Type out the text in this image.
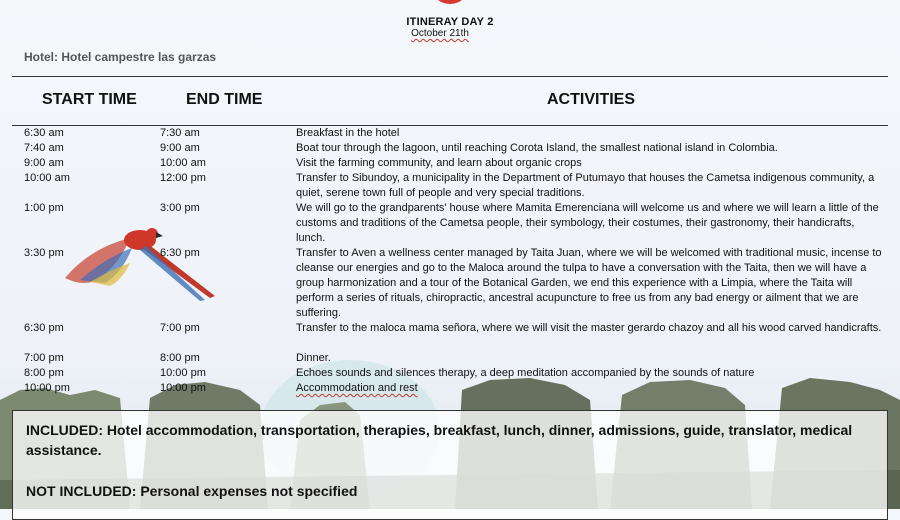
ITINERAY DAY 2
October 21th
Hotel: Hotel campestre las garzas
START TIME	END TIME	ACTIVITIES
6:30 am	7:30 am	Breakfast in the hotel
7:40 am	9:00 am	Boat tour through the lagoon, until reaching Corota Island, the smallest national island in Colombia.
9:00 am	10:00 am	Visit the farming community, and learn about organic crops
10:00 am	12:00 pm	Transfer to Sibundoy, a municipality in the Department of Putumayo that houses the Cametsa indigenous community, a quiet, serene town full of people and very special traditions.
1:00 pm	3:00 pm	We will go to the grandparents' house where Mamita Emerenciana will welcome us and where we will learn a little of the customs and traditions of the Cametsa people, their symbology, their costumes, their gastronomy, their handicrafts, lunch.
3:30 pm	6:30 pm	Transfer to Aven a wellness center managed by Taita Juan, where we will be welcomed with traditional music, incense to cleanse our energies and go to the Maloca around the tulpa to have a conversation with the Taita, then we will have a group harmonization and a tour of the Botanical Garden, we end this experience with a Limpia, where the Taita will perform a series of rituals, chiropractic, ancestral acupuncture to free us from any bad energy or ailment that we are suffering.
6:30 pm	7:00 pm	Transfer to the maloca mama señora, where we will visit the master gerardo chazoy and all his wood carved handicrafts.
7:00 pm	8:00 pm	Dinner.
8:00 pm	10:00 pm	Echoes sounds and silences therapy, a deep meditation accompanied by the sounds of nature
10:00 pm	10:00 pm	Accommodation and rest
INCLUDED: Hotel accommodation, transportation, therapies, breakfast, lunch, dinner, admissions, guide, translator, medical assistance.
NOT INCLUDED: Personal expenses not specified
